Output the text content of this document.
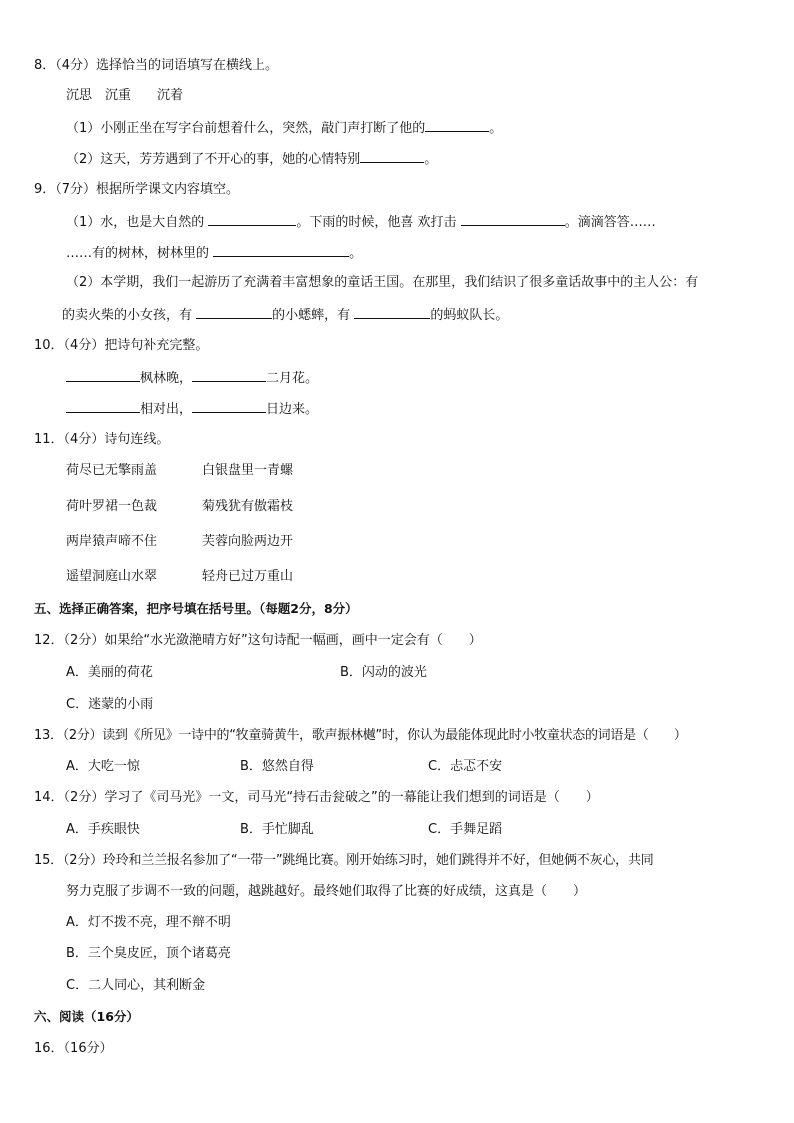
8．（4分）选择恰当的词语填写在横线上。
沉思　沉重　　沉着
（1）小刚正坐在写字台前想着什么，突然，敲门声打断了他的	。
（2）这天，芳芳遇到了不开心的事，她的心情特别	。
9．（7分）根据所学课文内容填空。
（1）水，也是大自然的	。下雨的时候，他喜 欢打击	。滴滴答答……
……有的树林，树林里的	。
（2）本学期，我们一起游历了充满着丰富想象的童话王国。在那里，我们结识了很多童话故事中的主人公：有
的卖火柴的小女孩，有	的小蟋蟀，有	的蚂蚁队长。
10．（4分）把诗句补充完整。
枫林晚，	二月花。
相对出，	日边来。
11．（4分）诗句连线。
荷尽已无擎雨盖	白银盘里一青螺
荷叶罗裙一色裁	菊残犹有傲霜枝
两岸猿声啼不住	芙蓉向脸两边开
遥望洞庭山水翠	轻舟已过万重山
五、选择正确答案，把序号填在括号里。（每题2分，8分）
12．（2分）如果给“水光潋滟晴方好”这句诗配一幅画，画中一定会有（　　）
A．美丽的荷花	B．闪动的波光
C．迷蒙的小雨
13．（2分）读到《所见》一诗中的“牧童骑黄牛，歌声振林樾”时，你认为最能体现此时小牧童状态的词语是（　　）
A．大吃一惊	B．悠然自得	C．忐忑不安
14．（2分）学习了《司马光》一文，司马光“持石击瓮破之”的一幕能让我们想到的词语是（　　）
A．手疾眼快	B．手忙脚乱	C．手舞足蹈
15．（2分）玲玲和兰兰报名参加了“一带一”跳绳比赛。刚开始练习时，她们跳得并不好，但她俩不灰心，共同
努力克服了步调不一致的问题，越跳越好。最终她们取得了比赛的好成绩，这真是（　　）
A．灯不拨不亮，理不辩不明
B．三个臭皮匠，顶个诸葛亮
C．二人同心，其利断金
六、阅读（16分）
16．（16分）
